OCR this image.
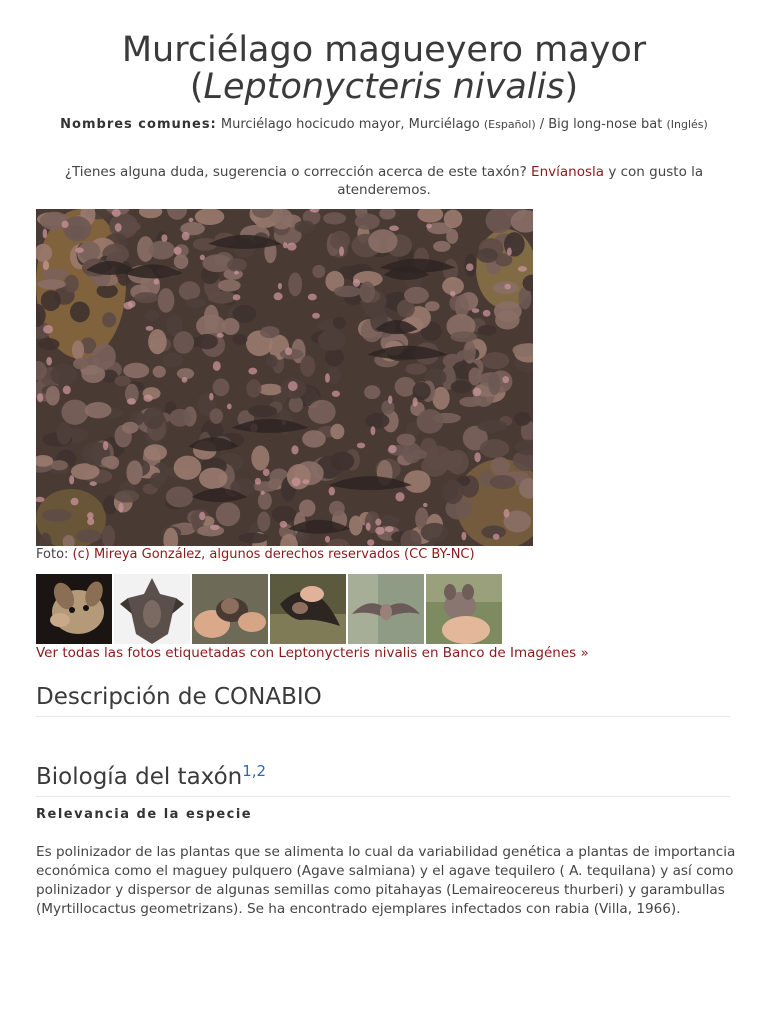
Murciélago magueyero mayor
(Leptonycteris nivalis)
Nombres comunes: Murciélago hocicudo mayor, Murciélago (Español) / Big long-nose bat (Inglés)
¿Tienes alguna duda, sugerencia o corrección acerca de este taxón? Envíanosla y con gusto la atenderemos.
Foto: (c) Mireya González, algunos derechos reservados (CC BY-NC)
Ver todas las fotos etiquetadas con Leptonycteris nivalis en Banco de Imagénes »
Descripción de CONABIO
Biología del taxón$^{1,2}$
Relevancia de la especie
Es polinizador de las plantas que se alimenta lo cual da variabilidad genética a plantas de importancia económica como el maguey pulquero (Agave salmiana) y el agave tequilero ( A. tequilana) y así como polinizador y dispersor de algunas semillas como pitahayas (Lemaireocereus thurberi) y garambullas (Myrtillocactus geometrizans). Se ha encontrado ejemplares infectados con rabia (Villa, 1966).
